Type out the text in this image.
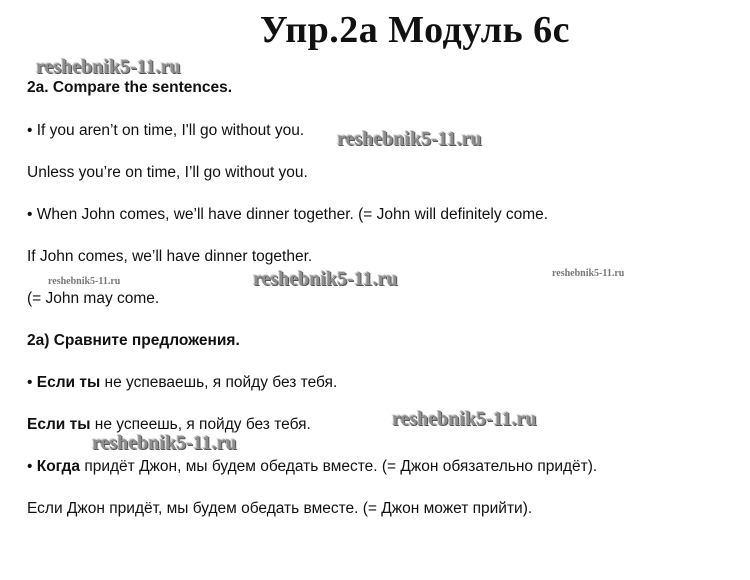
Упр.2а Модуль 6с
2a. Compare the sentences.
• If you aren’t on time, I'll go without you.
Unless you’re on time, I’ll go without you.
• When John comes, we’ll have dinner together. (= John will definitely come.
If John comes, we’ll have dinner together.
(= John may come.
2a) Сравните предложения.
• Если ты не успеваешь, я пойду без тебя.
Если ты не успеешь, я пойду без тебя.
• Когда придёт Джон, мы будем обедать вместе. (= Джон обязательно придёт).
Если Джон придёт, мы будем обедать вместе. (= Джон может прийти).
reshebnik5-11.ru
reshebnik5-11.ru
reshebnik5-11.ru	reshebnik5-11.ru	reshebnik5-11.ru
reshebnik5-11.ru
reshebnik5-11.ru
